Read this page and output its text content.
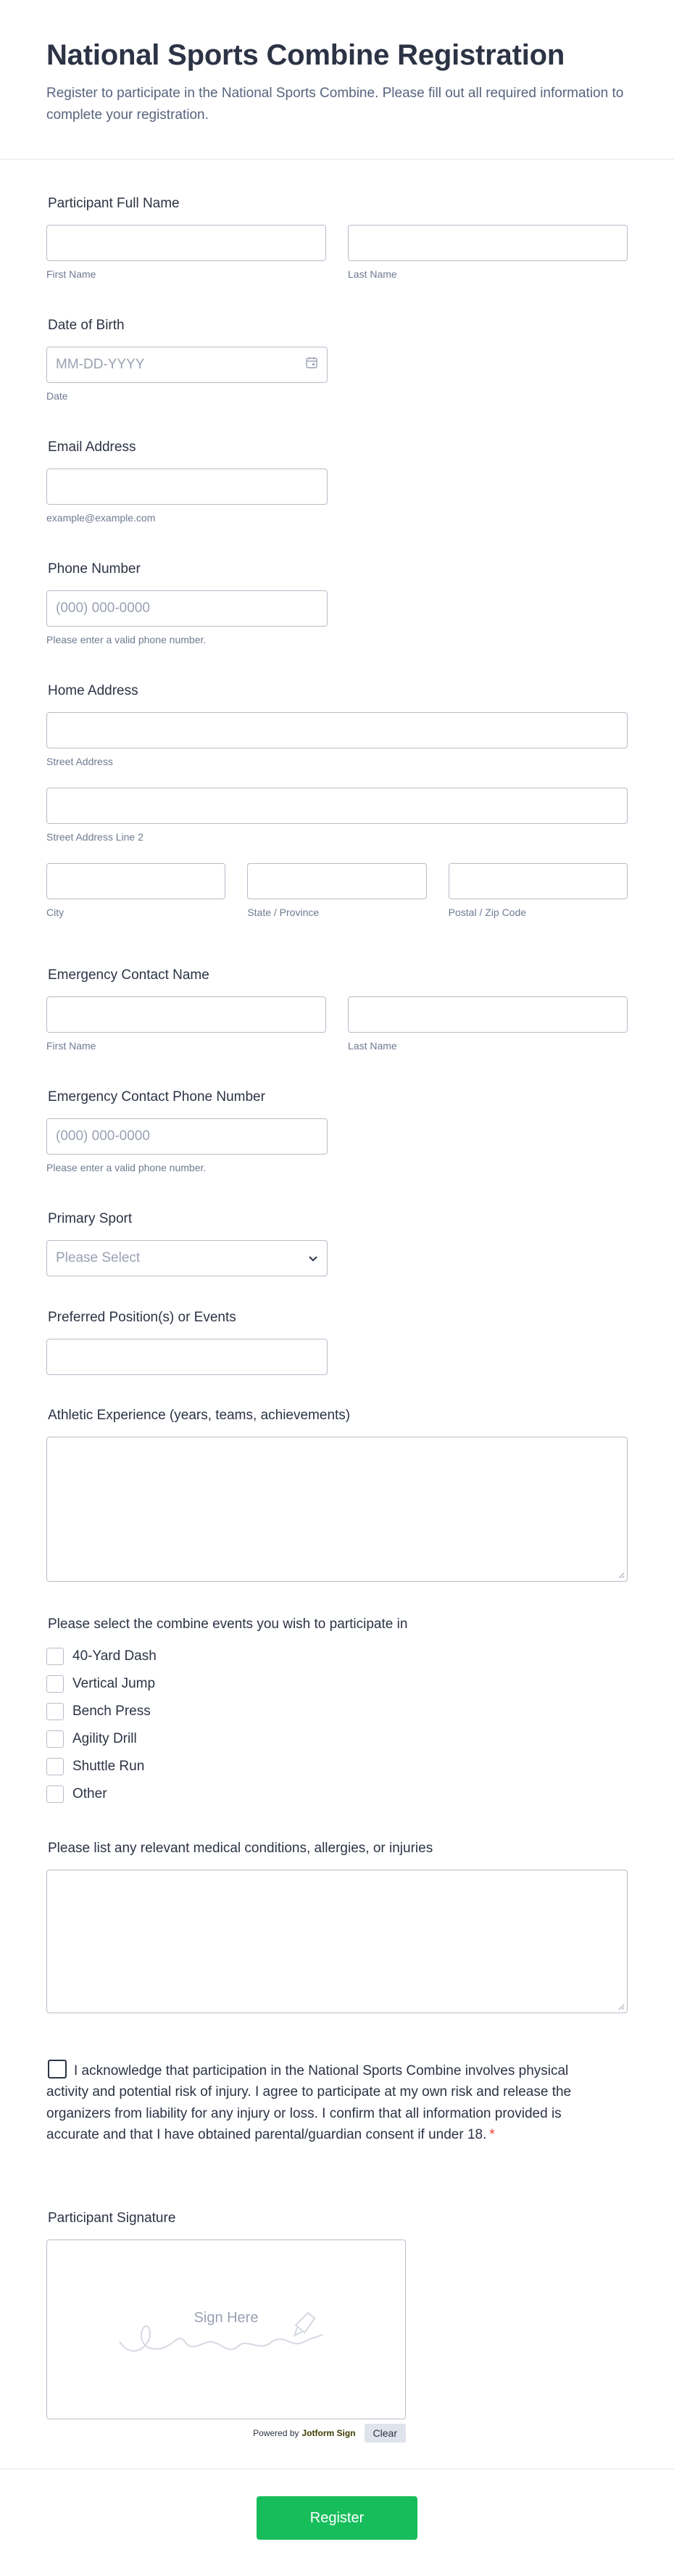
National Sports Combine Registration

Register to participate in the National Sports Combine. Please fill out all required information to complete your registration.

Participant Full Name
First Name	Last Name
Date of Birth
MM-DD-YYYY
Date
Email Address
example@example.com
Phone Number
(000) 000-0000
Please enter a valid phone number.
Home Address
Street Address
Street Address Line 2
City	State / Province	Postal / Zip Code
Emergency Contact Name
First Name	Last Name
Emergency Contact Phone Number
(000) 000-0000
Please enter a valid phone number.
Primary Sport
Please Select
Preferred Position(s) or Events
Athletic Experience (years, teams, achievements)
Please select the combine events you wish to participate in
40-Yard Dash
Vertical Jump
Bench Press
Agility Drill
Shuttle Run
Other
Please list any relevant medical conditions, allergies, or injuries
I acknowledge that participation in the National Sports Combine involves physical activity and potential risk of injury. I agree to participate at my own risk and release the organizers from liability for any injury or loss. I confirm that all information provided is accurate and that I have obtained parental/guardian consent if under 18. *
Participant Signature
Sign Here
Powered by Jotform Sign	Clear
Register
